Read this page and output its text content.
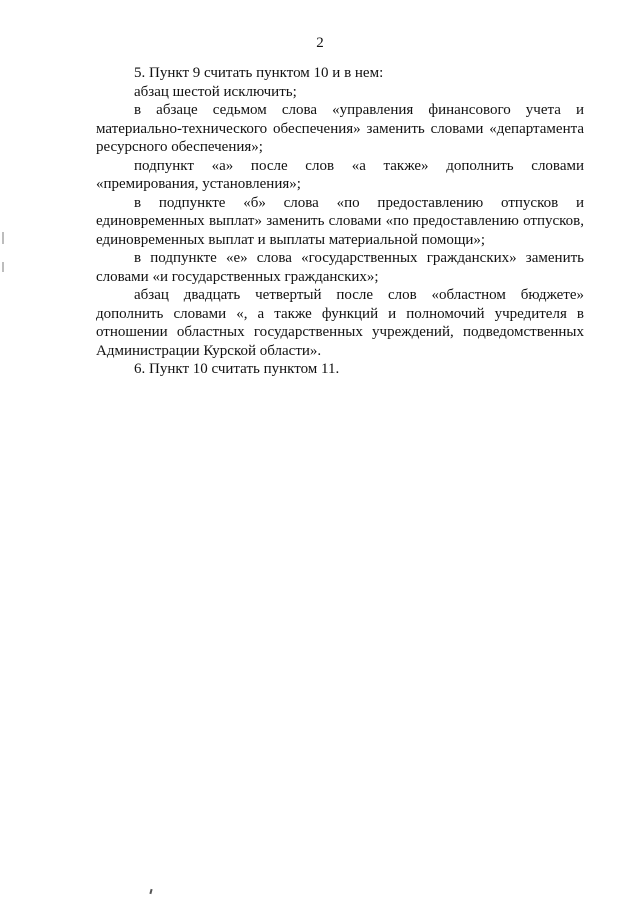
2

5. Пункт 9 считать пунктом 10 и в нем:

абзац шестой исключить;

в абзаце седьмом слова «управления финансового учета и материально-технического обеспечения» заменить словами «департамента ресурсного обеспечения»;

подпункт «а» после слов «а также» дополнить словами «премирования, установления»;

в подпункте «б» слова «по предоставлению отпусков и единовременных выплат» заменить словами «по предоставлению отпусков, единовременных выплат и выплаты материальной помощи»;

в подпункте «е» слова «государственных гражданских» заменить словами «и государственных гражданских»;

абзац двадцать четвертый после слов «областном бюджете» дополнить словами «, а также функций и полномочий учредителя в отношении областных государственных учреждений, подведомственных Администрации Курской области».

6. Пункт 10 считать пунктом 11.
